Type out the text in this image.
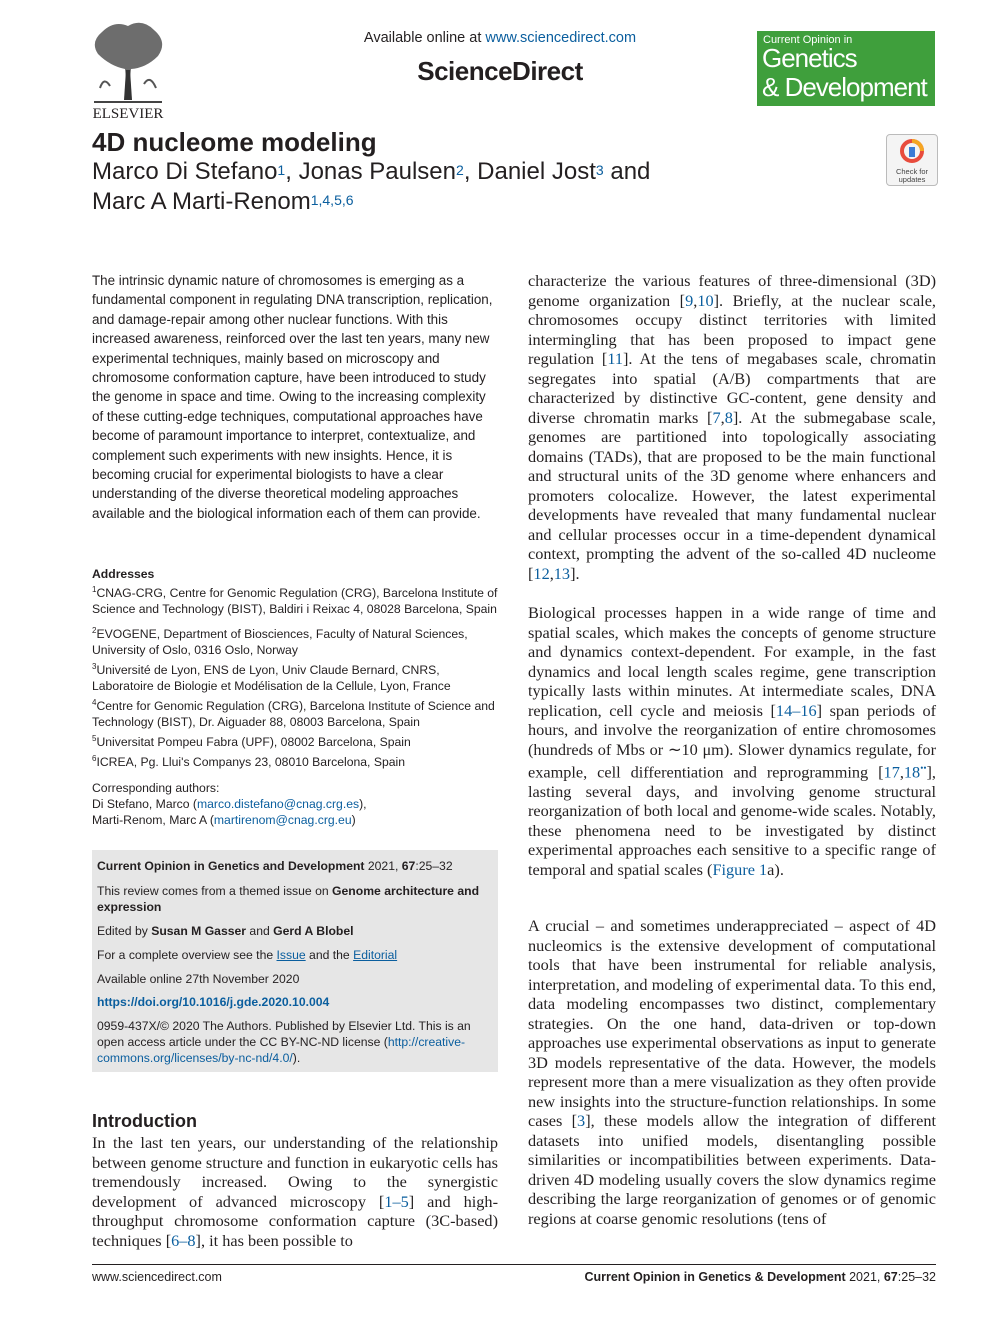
ELSEVIER
Available online at www.sciencedirect.com
ScienceDirect
Current Opinion in
Genetics
& Development
Check for updates
4D nucleome modeling
Marco Di Stefano$^1$, Jonas Paulsen$^2$, Daniel Jost$^3$ and
Marc A Marti-Renom$^{1,4,5,6}$
The intrinsic dynamic nature of chromosomes is emerging as a fundamental component in regulating DNA transcription, replication, and damage-repair among other nuclear functions. With this increased awareness, reinforced over the last ten years, many new experimental techniques, mainly based on microscopy and chromosome conformation capture, have been introduced to study the genome in space and time. Owing to the increasing complexity of these cutting-edge techniques, computational approaches have become of paramount importance to interpret, contextualize, and complement such experiments with new insights. Hence, it is becoming crucial for experimental biologists to have a clear understanding of the diverse theoretical modeling approaches available and the biological information each of them can provide.
Addresses
$^1$CNAG-CRG, Centre for Genomic Regulation (CRG), Barcelona Institute of Science and Technology (BIST), Baldiri i Reixac 4, 08028 Barcelona, Spain
$^2$EVOGENE, Department of Biosciences, Faculty of Natural Sciences, University of Oslo, 0316 Oslo, Norway
$^3$Université de Lyon, ENS de Lyon, Univ Claude Bernard, CNRS, Laboratoire de Biologie et Modélisation de la Cellule, Lyon, France
$^4$Centre for Genomic Regulation (CRG), Barcelona Institute of Science and Technology (BIST), Dr. Aiguader 88, 08003 Barcelona, Spain
$^5$Universitat Pompeu Fabra (UPF), 08002 Barcelona, Spain
$^6$ICREA, Pg. Llui's Companys 23, 08010 Barcelona, Spain
Corresponding authors:
Di Stefano, Marco (marco.distefano@cnag.crg.es),
Marti-Renom, Marc A (martirenom@cnag.crg.eu)
Current Opinion in Genetics and Development 2021, 67:25–32
This review comes from a themed issue on Genome architecture and expression
Edited by Susan M Gasser and Gerd A Blobel
For a complete overview see the Issue and the Editorial
Available online 27th November 2020
https://doi.org/10.1016/j.gde.2020.10.004
0959-437X/© 2020 The Authors. Published by Elsevier Ltd. This is an open access article under the CC BY-NC-ND license (http://creative-commons.org/licenses/by-nc-nd/4.0/).
Introduction
In the last ten years, our understanding of the relationship between genome structure and function in eukaryotic cells has tremendously increased. Owing to the synergistic development of advanced microscopy [1–5] and high-throughput chromosome conformation capture (3C-based) techniques [6–8], it has been possible to
characterize the various features of three-dimensional (3D) genome organization [9,10]. Briefly, at the nuclear scale, chromosomes occupy distinct territories with limited intermingling that has been proposed to impact gene regulation [11]. At the tens of megabases scale, chromatin segregates into spatial (A/B) compartments that are characterized by distinctive GC-content, gene density and diverse chromatin marks [7,8]. At the submegabase scale, genomes are partitioned into topologically associating domains (TADs), that are proposed to be the main functional and structural units of the 3D genome where enhancers and promoters colocalize. However, the latest experimental developments have revealed that many fundamental nuclear and cellular processes occur in a time-dependent dynamical context, prompting the advent of the so-called 4D nucleome [12,13].
Biological processes happen in a wide range of time and spatial scales, which makes the concepts of genome structure and dynamics context-dependent. For example, in the fast dynamics and local length scales regime, gene transcription typically lasts within minutes. At intermediate scales, DNA replication, cell cycle and meiosis [14–16] span periods of hours, and involve the reorganization of entire chromosomes (hundreds of Mbs or ∼10 μm). Slower dynamics regulate, for example, cell differentiation and reprogramming [17,18••], lasting several days, and involving genome structural reorganization of both local and genome-wide scales. Notably, these phenomena need to be investigated by distinct experimental approaches each sensitive to a specific range of temporal and spatial scales (Figure 1a).
A crucial – and sometimes underappreciated – aspect of 4D nucleomics is the extensive development of computational tools that have been instrumental for reliable analysis, interpretation, and modeling of experimental data. To this end, data modeling encompasses two distinct, complementary strategies. On the one hand, data-driven or top-down approaches use experimental observations as input to generate 3D models representative of the data. However, the models represent more than a mere visualization as they often provide new insights into the structure-function relationships. In some cases [3], these models allow the integration of different datasets into unified models, disentangling possible similarities or incompatibilities between experiments. Data-driven 4D modeling usually covers the slow dynamics regime describing the large reorganization of genomes or of genomic regions at coarse genomic resolutions (tens of
www.sciencedirect.com	Current Opinion in Genetics & Development 2021, 67:25–32
